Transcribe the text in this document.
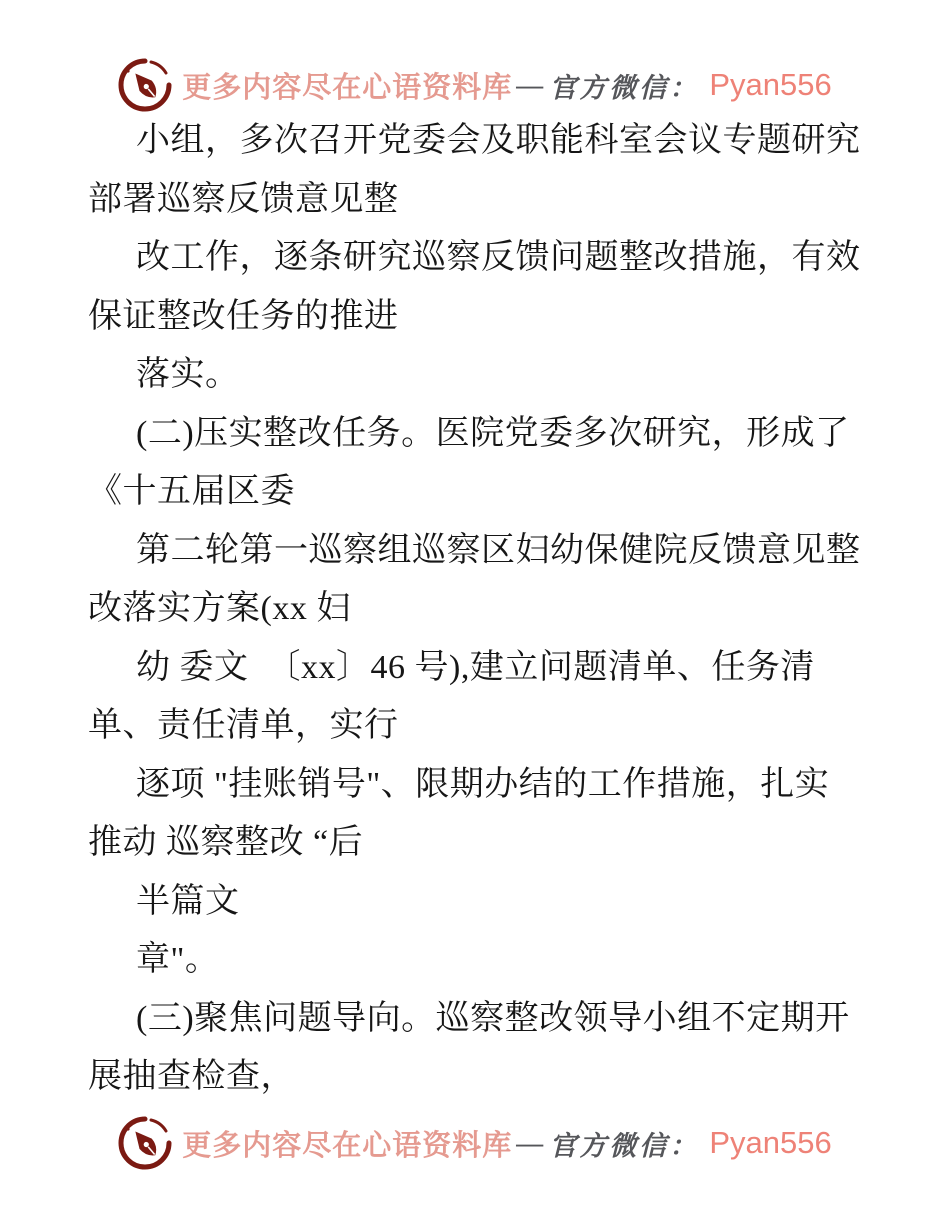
更多内容尽在心语资料库 — 官方微信： Pyan556
小组，多次召开党委会及职能科室会议专题研究
部署巡察反馈意见整
改工作，逐条研究巡察反馈问题整改措施，有效
保证整改任务的推进
落实。
(二)压实整改任务。医院党委多次研究，形成了
《十五届区委
第二轮第一巡察组巡察区妇幼保健院反馈意见整
改落实方案(xx 妇
幼 委文  〔xx〕46 号),建立问题清单、任务清
单、责任清单，实行
逐项 "挂账销号"、限期办结的工作措施，扎实
推动 巡察整改 “后
半篇文
章"。
(三)聚焦问题导向。巡察整改领导小组不定期开
展抽查检查，
更多内容尽在心语资料库 — 官方微信： Pyan556
